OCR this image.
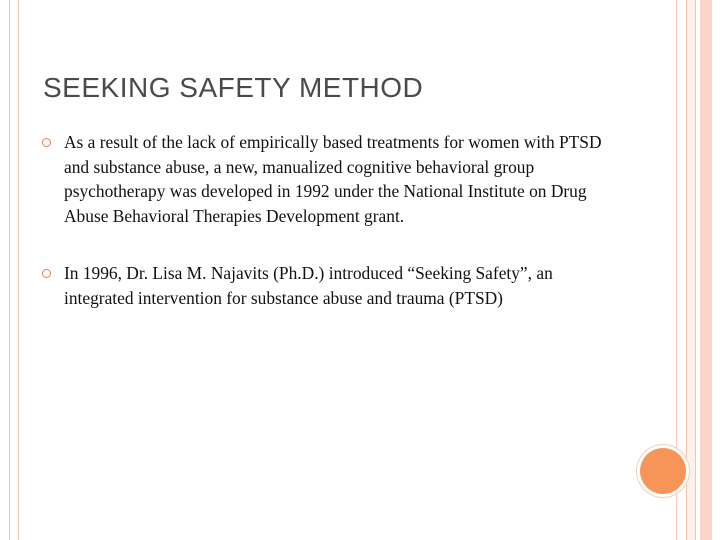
SEEKING SAFETY METHOD
As a result of the lack of empirically based treatments for women with PTSD and substance abuse, a new, manualized cognitive behavioral group psychotherapy was developed in 1992 under the National Institute on Drug Abuse Behavioral Therapies Development grant.
In 1996, Dr. Lisa M. Najavits (Ph.D.) introduced “Seeking Safety”, an integrated intervention for substance abuse and trauma (PTSD)
